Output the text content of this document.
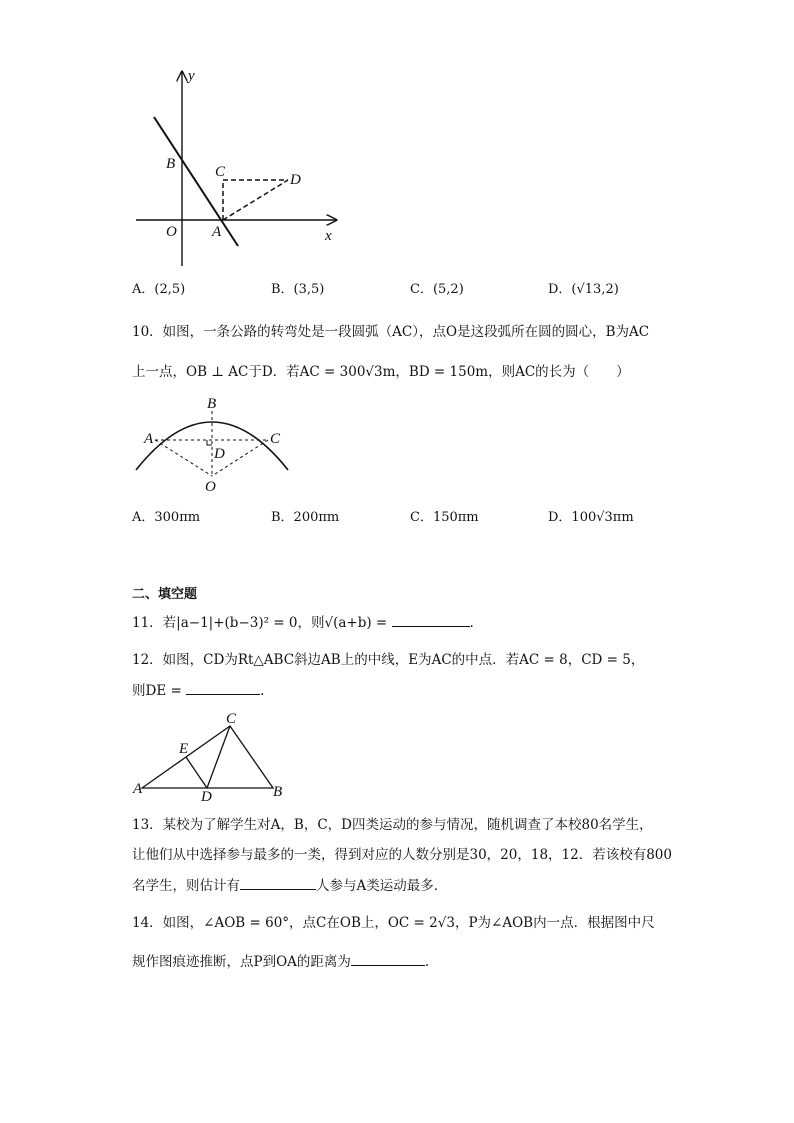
y
x
O A
B	C	D
A．(2,5)	B．(3,5)	C．(5,2)	D．(√13,2)
10．如图，一条公路的转弯处是一段圆弧（AC），点O是这段弧所在圆的圆心，B为AC
上一点，OB ⊥ AC于D．若AC = 300√3m，BD = 150m，则AC的长为（　　）
B
A	C
D
O
A．300πm	B．200πm	C．150πm	D．100√3πm
二、填空题
11．若|a−1|+(b−3)² = 0，则√(a+b) =	.
12．如图，CD为Rt△ABC斜边AB上的中线，E为AC的中点．若AC = 8，CD = 5，
则DE =	.
C
E
A	D	B
13．某校为了解学生对A，B，C，D四类运动的参与情况，随机调查了本校80名学生，
让他们从中选择参与最多的一类，得到对应的人数分别是30，20，18，12．若该校有800
名学生，则估计有	人参与A类运动最多．
14．如图，∠AOB = 60°，点C在OB上，OC = 2√3，P为∠AOB内一点．根据图中尺
规作图痕迹推断，点P到OA的距离为	.
